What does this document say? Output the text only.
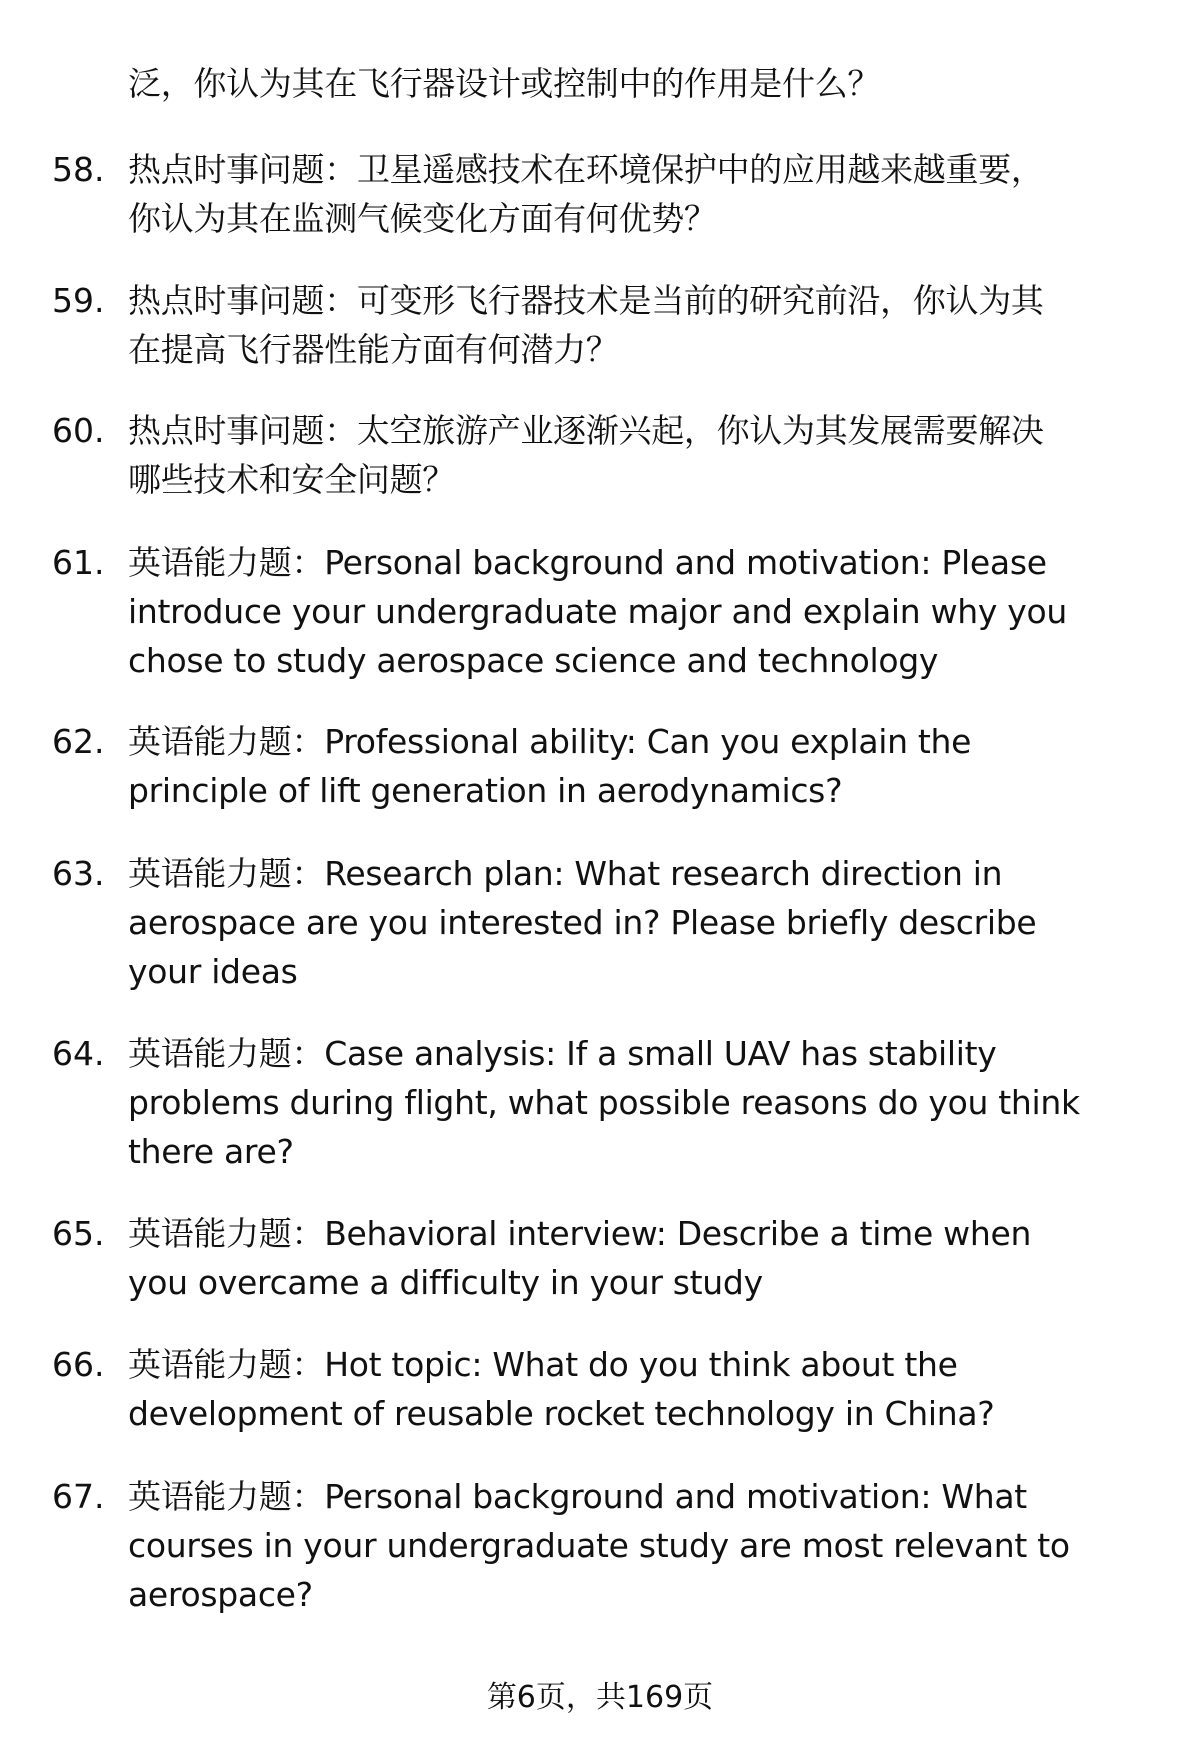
泛，你认为其在飞行器设计或控制中的作用是什么？
58. 热点时事问题：卫星遥感技术在环境保护中的应用越来越重要，
你认为其在监测气候变化方面有何优势？
59. 热点时事问题：可变形飞行器技术是当前的研究前沿，你认为其
在提高飞行器性能方面有何潜力？
60. 热点时事问题：太空旅游产业逐渐兴起，你认为其发展需要解决
哪些技术和安全问题？
61. 英语能力题：Personal background and motivation: Please
introduce your undergraduate major and explain why you
chose to study aerospace science and technology
62. 英语能力题：Professional ability: Can you explain the
principle of lift generation in aerodynamics?
63. 英语能力题：Research plan: What research direction in
aerospace are you interested in? Please briefly describe
your ideas
64. 英语能力题：Case analysis: If a small UAV has stability
problems during flight, what possible reasons do you think
there are?
65. 英语能力题：Behavioral interview: Describe a time when
you overcame a difficulty in your study
66. 英语能力题：Hot topic: What do you think about the
development of reusable rocket technology in China?
67. 英语能力题：Personal background and motivation: What
courses in your undergraduate study are most relevant to
aerospace?
第6页，共169页
